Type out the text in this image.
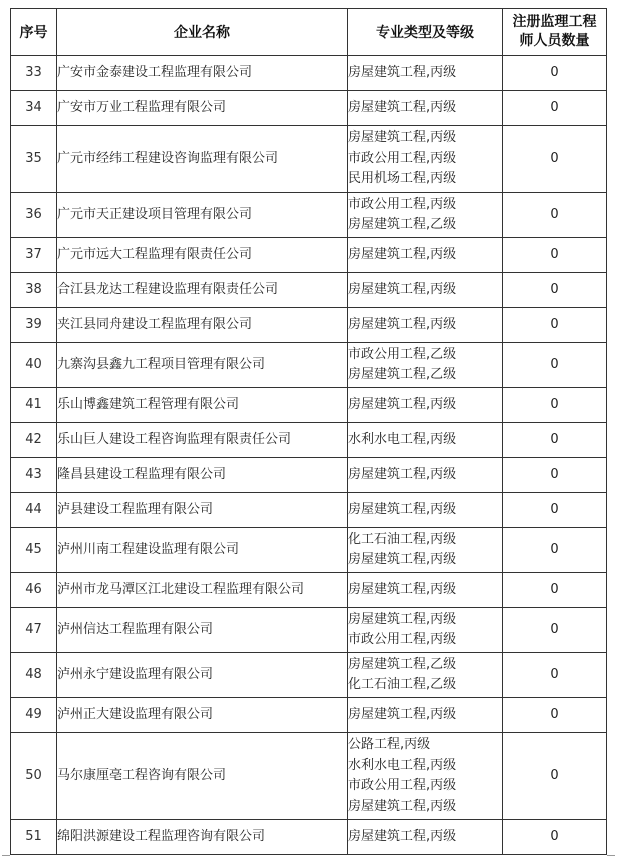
序号	企业名称	专业类型及等级	注册监理工程
师人员数量

33	广安市金泰建设工程监理有限公司	房屋建筑工程,丙级	0
34	广安市万业工程监理有限公司	房屋建筑工程,丙级	0
35	广元市经纬工程建设咨询监理有限公司	房屋建筑工程,丙级
市政公用工程,丙级
民用机场工程,丙级	0
36	广元市天正建设项目管理有限公司	市政公用工程,丙级
房屋建筑工程,乙级	0
37	广元市远大工程监理有限责任公司	房屋建筑工程,丙级	0
38	合江县龙达工程建设监理有限责任公司	房屋建筑工程,丙级	0
39	夹江县同舟建设工程监理有限公司	房屋建筑工程,丙级	0
40	九寨沟县鑫九工程项目管理有限公司	市政公用工程,乙级
房屋建筑工程,乙级	0
41	乐山博鑫建筑工程管理有限公司	房屋建筑工程,丙级	0
42	乐山巨人建设工程咨询监理有限责任公司	水利水电工程,丙级	0
43	隆昌县建设工程监理有限公司	房屋建筑工程,丙级	0
44	泸县建设工程监理有限公司	房屋建筑工程,丙级	0
45	泸州川南工程建设监理有限公司	化工石油工程,丙级
房屋建筑工程,丙级	0
46	泸州市龙马潭区江北建设工程监理有限公司	房屋建筑工程,丙级	0
47	泸州信达工程监理有限公司	房屋建筑工程,丙级
市政公用工程,丙级	0
48	泸州永宁建设监理有限公司	房屋建筑工程,乙级
化工石油工程,乙级	0
49	泸州正大建设监理有限公司	房屋建筑工程,丙级	0
50	马尔康厘亳工程咨询有限公司	公路工程,丙级
水利水电工程,丙级
市政公用工程,丙级
房屋建筑工程,丙级	0
51	绵阳洪源建设工程监理咨询有限公司	房屋建筑工程,丙级	0
